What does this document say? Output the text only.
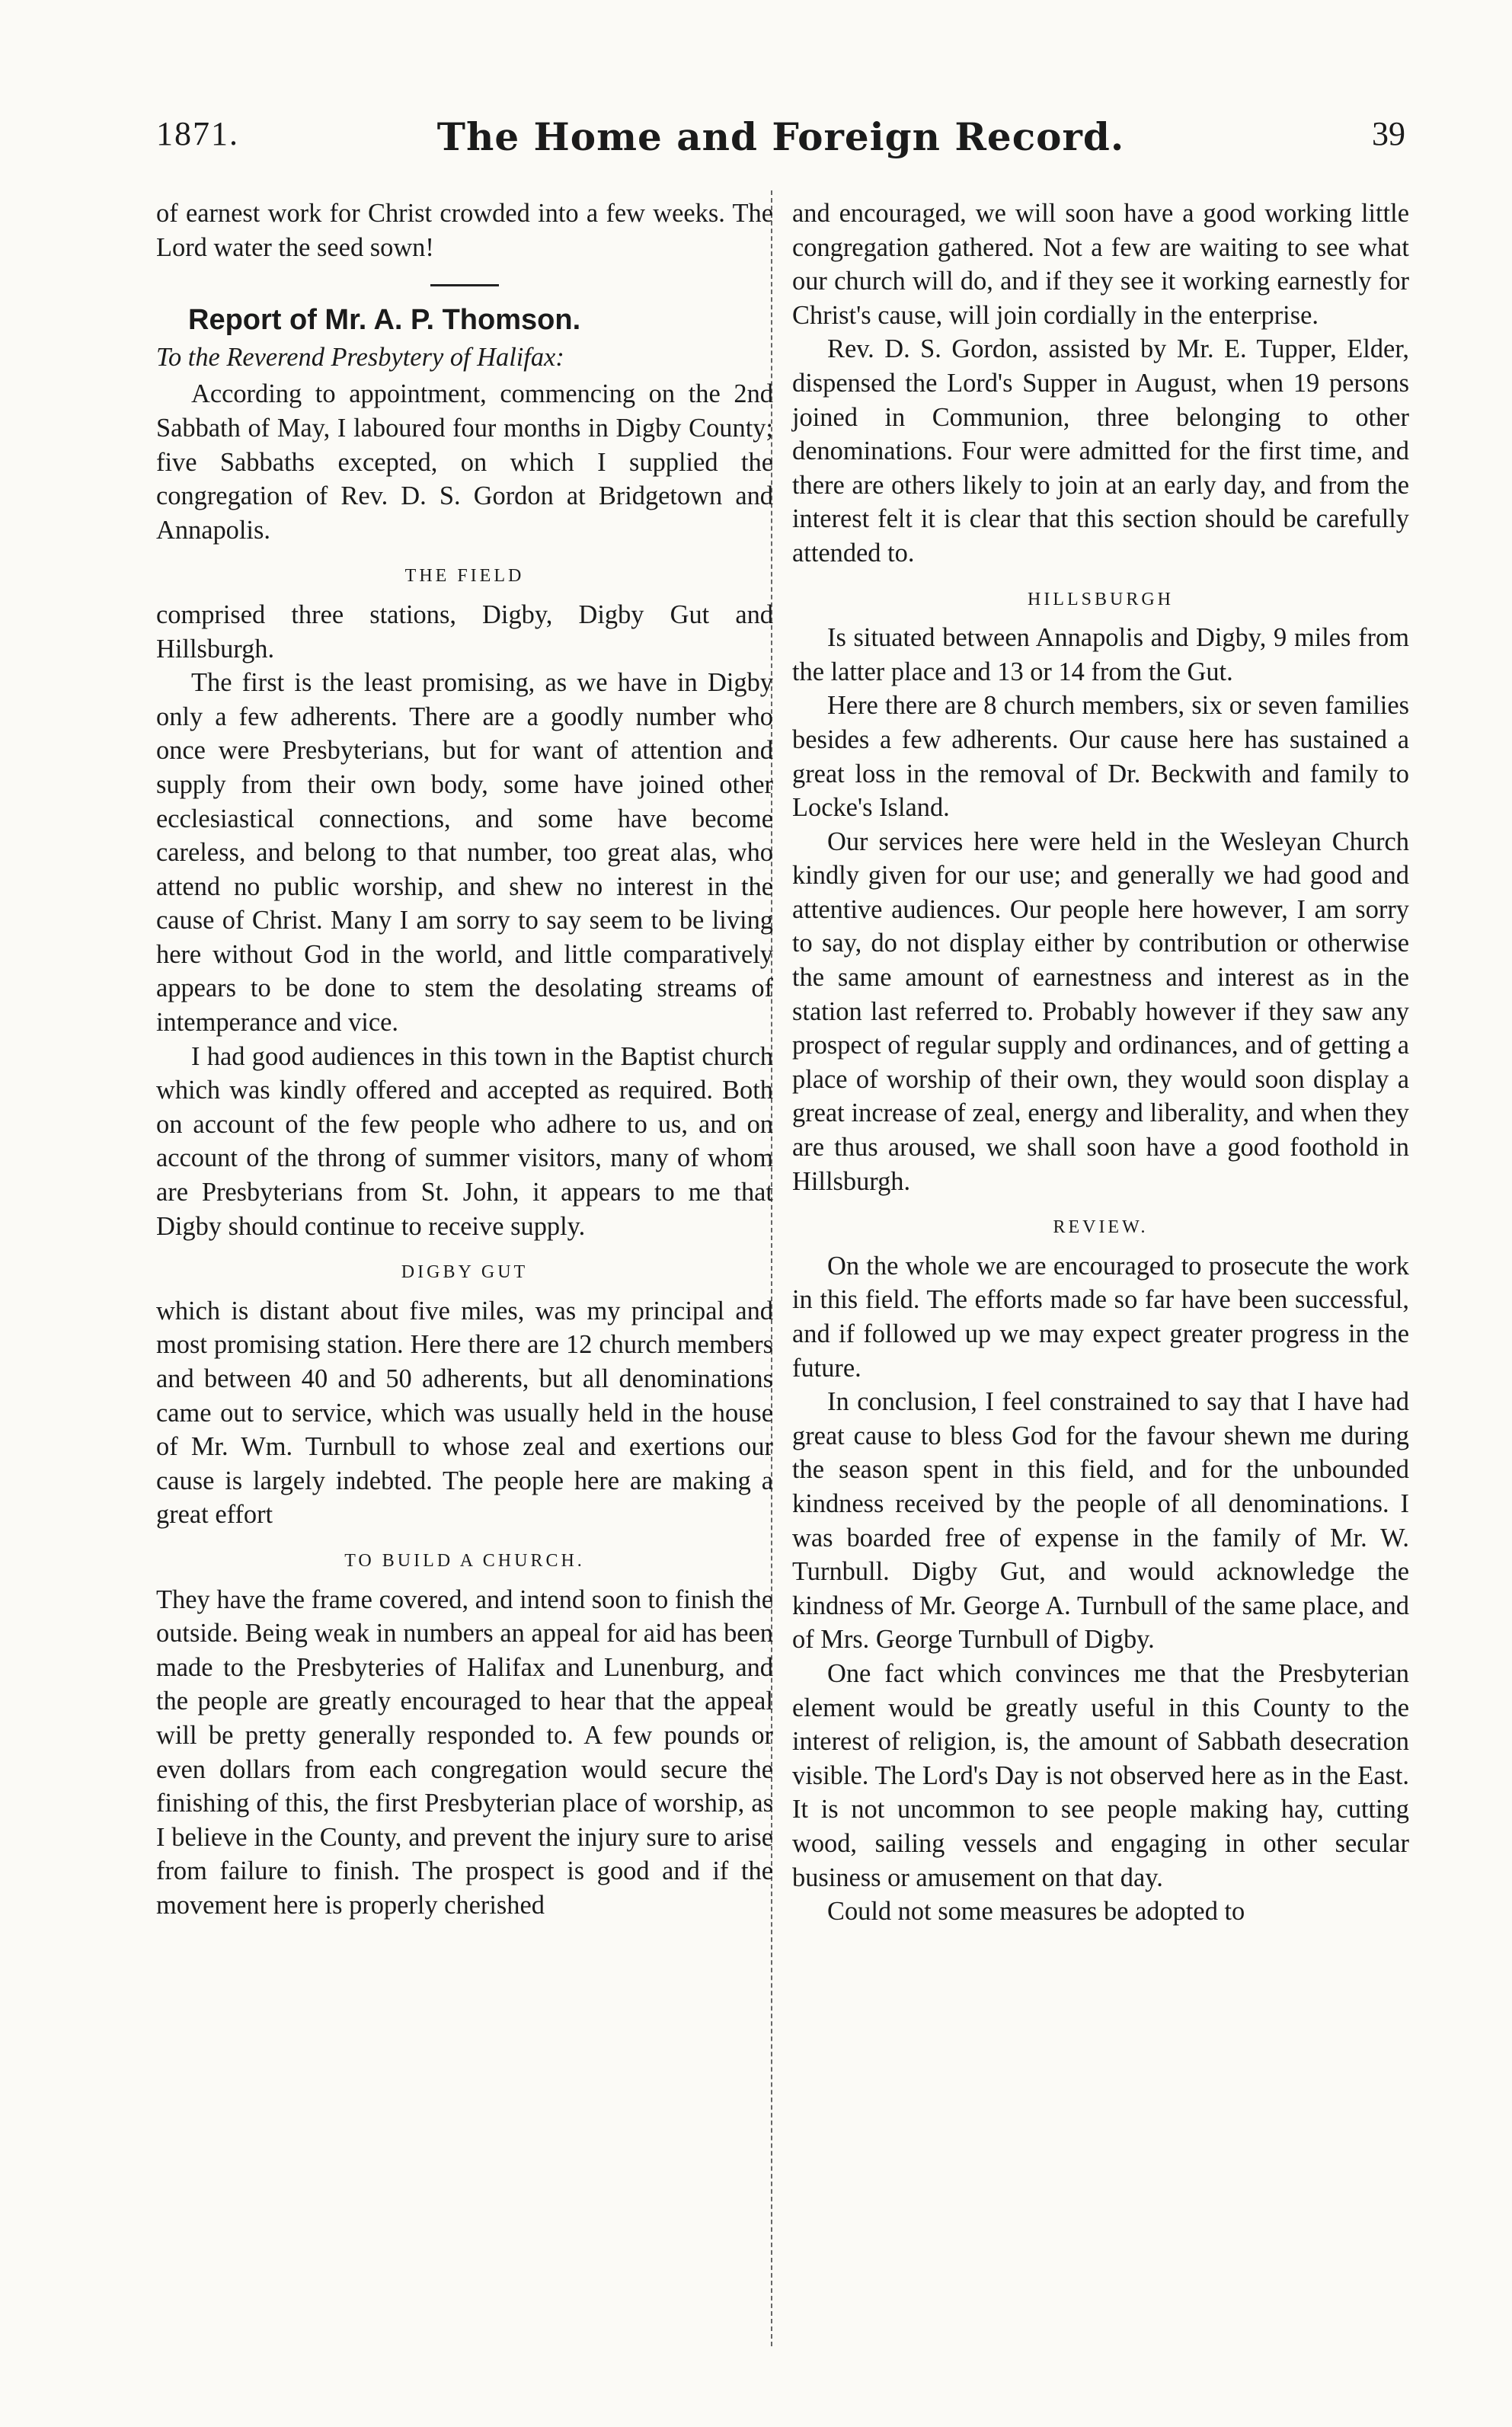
1871.	The Home and Foreign Record.	39

of earnest work for Christ crowded into a few weeks. The Lord water the seed sown!

Report of Mr. A. P. Thomson.
To the Reverend Presbytery of Halifax:

According to appointment, commencing on the 2nd Sabbath of May, I laboured four months in Digby County; five Sabbaths excepted, on which I supplied the congregation of Rev. D. S. Gordon at Bridgetown and Annapolis.

THE FIELD

comprised three stations, Digby, Digby Gut and Hillsburgh.

The first is the least promising, as we have in Digby only a few adherents. There are a goodly number who once were Presbyterians, but for want of attention and supply from their own body, some have joined other ecclesiastical connections, and some have become careless, and belong to that number, too great alas, who attend no public worship, and shew no interest in the cause of Christ. Many I am sorry to say seem to be living here without God in the world, and little comparatively appears to be done to stem the desolating streams of intemperance and vice.

I had good audiences in this town in the Baptist church which was kindly offered and accepted as required. Both on account of the few people who adhere to us, and on account of the throng of summer visitors, many of whom are Presbyterians from St. John, it appears to me that Digby should continue to receive supply.

DIGBY GUT

which is distant about five miles, was my principal and most promising station. Here there are 12 church members and between 40 and 50 adherents, but all denominations came out to service, which was usually held in the house of Mr. Wm. Turnbull to whose zeal and exertions our cause is largely indebted. The people here are making a great effort

TO BUILD A CHURCH.

They have the frame covered, and intend soon to finish the outside. Being weak in numbers an appeal for aid has been made to the Presbyteries of Halifax and Lunenburg, and the people are greatly encouraged to hear that the appeal will be pretty generally responded to. A few pounds or even dollars from each congregation would secure the finishing of this, the first Presbyterian place of worship, as I believe in the County, and prevent the injury sure to arise from failure to finish. The prospect is good and if the movement here is properly cherished

and encouraged, we will soon have a good working little congregation gathered. Not a few are waiting to see what our church will do, and if they see it working earnestly for Christ's cause, will join cordially in the enterprise.

Rev. D. S. Gordon, assisted by Mr. E. Tupper, Elder, dispensed the Lord's Supper in August, when 19 persons joined in Communion, three belonging to other denominations. Four were admitted for the first time, and there are others likely to join at an early day, and from the interest felt it is clear that this section should be carefully attended to.

HILLSBURGH

Is situated between Annapolis and Digby, 9 miles from the latter place and 13 or 14 from the Gut.

Here there are 8 church members, six or seven families besides a few adherents. Our cause here has sustained a great loss in the removal of Dr. Beckwith and family to Locke's Island.

Our services here were held in the Wesleyan Church kindly given for our use; and generally we had good and attentive audiences. Our people here however, I am sorry to say, do not display either by contribution or otherwise the same amount of earnestness and interest as in the station last referred to. Probably however if they saw any prospect of regular supply and ordinances, and of getting a place of worship of their own, they would soon display a great increase of zeal, energy and liberality, and when they are thus aroused, we shall soon have a good foothold in Hillsburgh.

REVIEW.

On the whole we are encouraged to prosecute the work in this field. The efforts made so far have been successful, and if followed up we may expect greater progress in the future.

In conclusion, I feel constrained to say that I have had great cause to bless God for the favour shewn me during the season spent in this field, and for the unbounded kindness received by the people of all denominations. I was boarded free of expense in the family of Mr. W. Turnbull. Digby Gut, and would acknowledge the kindness of Mr. George A. Turnbull of the same place, and of Mrs. George Turnbull of Digby.

One fact which convinces me that the Presbyterian element would be greatly useful in this County to the interest of religion, is, the amount of Sabbath desecration visible. The Lord's Day is not observed here as in the East. It is not uncommon to see people making hay, cutting wood, sailing vessels and engaging in other secular business or amusement on that day.

Could not some measures be adopted to
